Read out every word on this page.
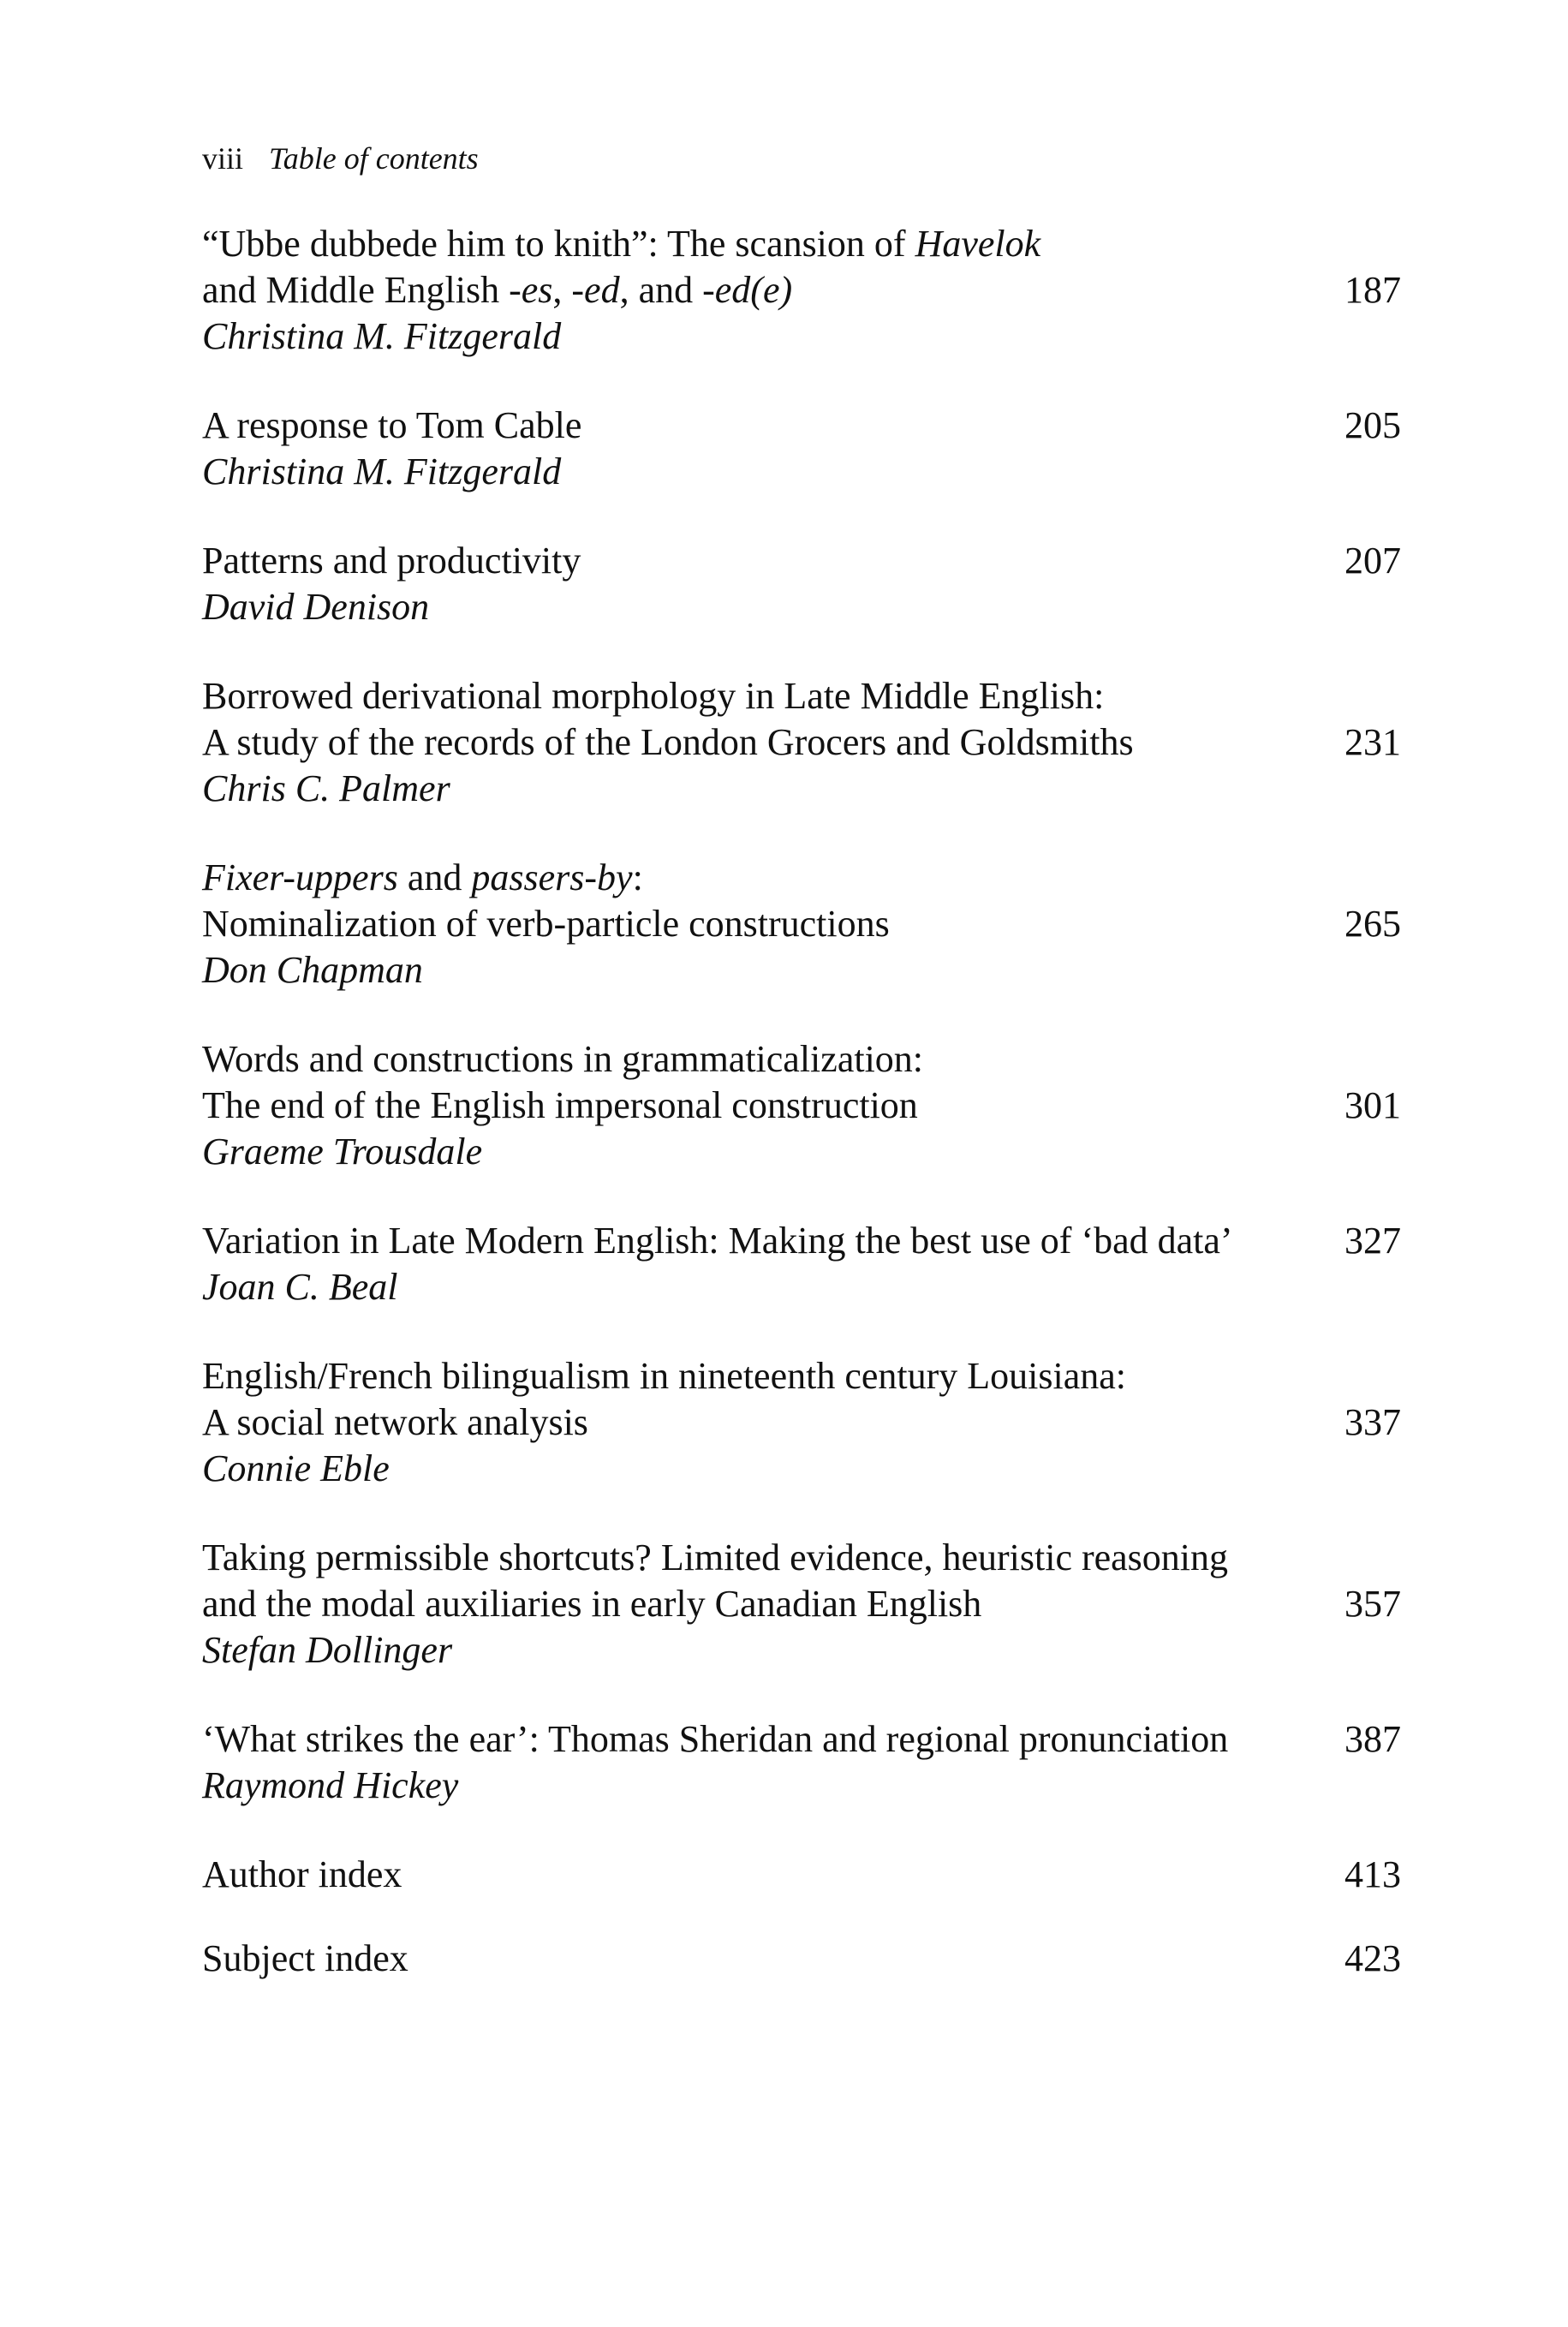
viii Table of contents
“Ubbe dubbede him to knith”: The scansion of Havelok
and Middle English -es, -ed, and -ed(e)
Christina M. Fitzgerald
187
A response to Tom Cable
Christina M. Fitzgerald
205
Patterns and productivity
David Denison
207
Borrowed derivational morphology in Late Middle English:
A study of the records of the London Grocers and Goldsmiths
Chris C. Palmer
231
Fixer-uppers and passers-by:
Nominalization of verb-particle constructions
Don Chapman
265
Words and constructions in grammaticalization:
The end of the English impersonal construction
Graeme Trousdale
301
Variation in Late Modern English: Making the best use of ‘bad data’
Joan C. Beal
327
English/French bilingualism in nineteenth century Louisiana:
A social network analysis
Connie Eble
337
Taking permissible shortcuts? Limited evidence, heuristic reasoning
and the modal auxiliaries in early Canadian English
Stefan Dollinger
357
‘What strikes the ear’: Thomas Sheridan and regional pronunciation
Raymond Hickey
387
Author index	413
Subject index	423
